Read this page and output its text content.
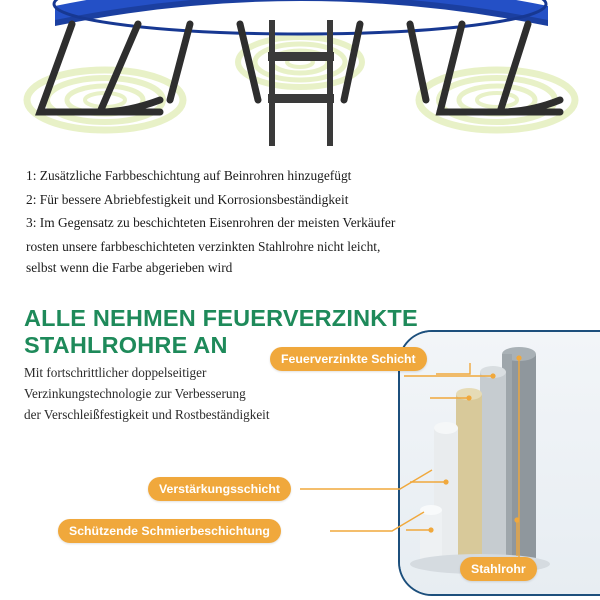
1: Zusätzliche Farbbeschichtung auf Beinrohren hinzugefügt

2: Für bessere Abriebfestigkeit und Korrosionsbeständigkeit

3: Im Gegensatz zu beschichteten Eisenrohren der meisten Verkäufer

rosten unsere farbbeschichteten verzinkten Stahlrohre nicht leicht,

selbst wenn die Farbe abgerieben wird

ALLE NEHMEN FEUERVERZINKTE STAHLROHRE AN
Mit fortschrittlicher doppelseitiger
Verzinkungstechnologie zur Verbesserung
der Verschleißfestigkeit und Rostbeständigkeit
Feuerverzinkte Schicht
Verstärkungsschicht
Schützende Schmierbeschichtung
Stahlrohr
